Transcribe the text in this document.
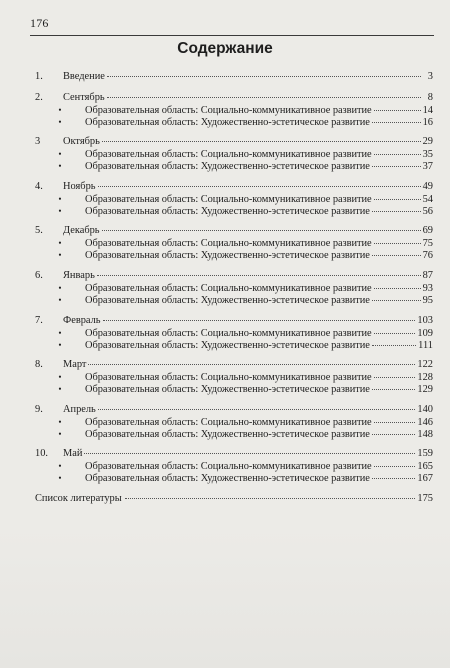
176
Содержание
1.	Введение	3
2.	Сентябрь	8
•	Образовательная область: Социально-коммуникативное развитие	14
•	Образовательная область: Художественно-эстетическое развитие	16
3	Октябрь	29
•	Образовательная область: Социально-коммуникативное развитие	35
•	Образовательная область: Художественно-эстетическое развитие	37
4.	Ноябрь	49
•	Образовательная область: Социально-коммуникативное развитие	54
•	Образовательная область: Художественно-эстетическое развитие	56
5.	Декабрь	69
•	Образовательная область: Социально-коммуникативное развитие	75
•	Образовательная область: Художественно-эстетическое развитие	76
6.	Январь	87
•	Образовательная область: Социально-коммуникативное развитие	93
•	Образовательная область: Художественно-эстетическое развитие	95
7.	Февраль	103
•	Образовательная область: Социально-коммуникативное развитие	109
•	Образовательная область: Художественно-эстетическое развитие	111
8.	Март	122
•	Образовательная область: Социально-коммуникативное развитие	128
•	Образовательная область: Художественно-эстетическое развитие	129
9.	Апрель	140
•	Образовательная область: Социально-коммуникативное развитие	146
•	Образовательная область: Художественно-эстетическое развитие	148
10.	Май	159
•	Образовательная область: Социально-коммуникативное развитие	165
•	Образовательная область: Художественно-эстетическое развитие	167
Список литературы	175
